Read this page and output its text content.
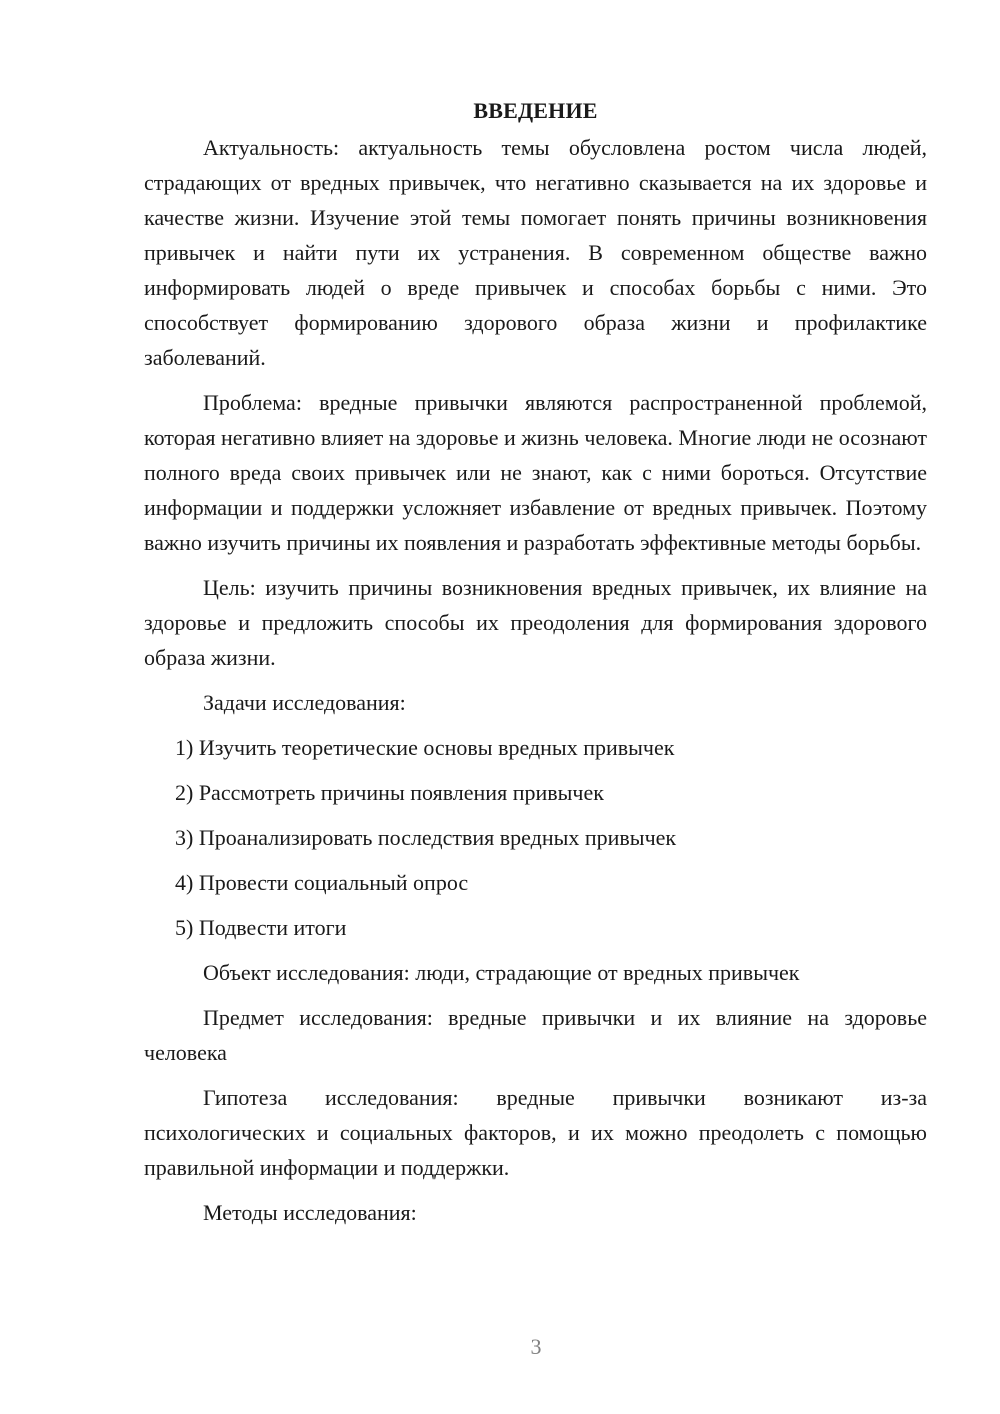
ВВЕДЕНИЕ

Актуальность: актуальность темы обусловлена ростом числа людей, страдающих от вредных привычек, что негативно сказывается на их здоровье и качестве жизни. Изучение этой темы помогает понять причины возникновения привычек и найти пути их устранения. В современном обществе важно информировать людей о вреде привычек и способах борьбы с ними. Это способствует формированию здорового образа жизни и профилактике заболеваний.

Проблема: вредные привычки являются распространенной проблемой, которая негативно влияет на здоровье и жизнь человека. Многие люди не осознают полного вреда своих привычек или не знают, как с ними бороться. Отсутствие информации и поддержки усложняет избавление от вредных привычек. Поэтому важно изучить причины их появления и разработать эффективные методы борьбы.

Цель: изучить причины возникновения вредных привычек, их влияние на здоровье и предложить способы их преодоления для формирования здорового образа жизни.

Задачи исследования:
1) Изучить теоретические основы вредных привычек
2) Рассмотреть причины появления привычек
3) Проанализировать последствия вредных привычек
4) Провести социальный опрос
5) Подвести итоги
Объект исследования: люди, страдающие от вредных привычек

Предмет исследования: вредные привычки и их влияние на здоровье человека

Гипотеза исследования: вредные привычки возникают из-за психологических и социальных факторов, и их можно преодолеть с помощью правильной информации и поддержки.

Методы исследования:
3
